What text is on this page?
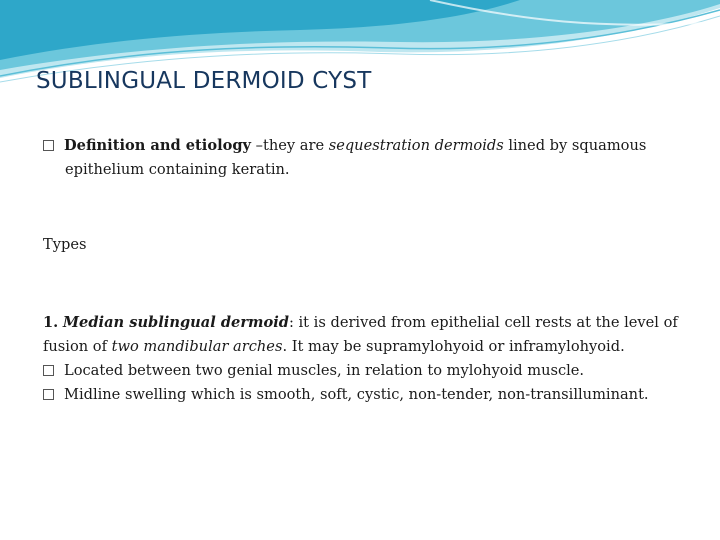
SUBLINGUAL DERMOID CYST
Definition and etiology –they are sequestration dermoids lined by squamous epithelium containing keratin.
Types
1. Median sublingual dermoid: it is derived from epithelial cell rests at the level of fusion of two mandibular arches. It may be supramylohyoid or inframylohyoid.
Located between two genial muscles, in relation to mylohyoid muscle.
Midline swelling which is smooth, soft, cystic, non-tender, non-transilluminant.
